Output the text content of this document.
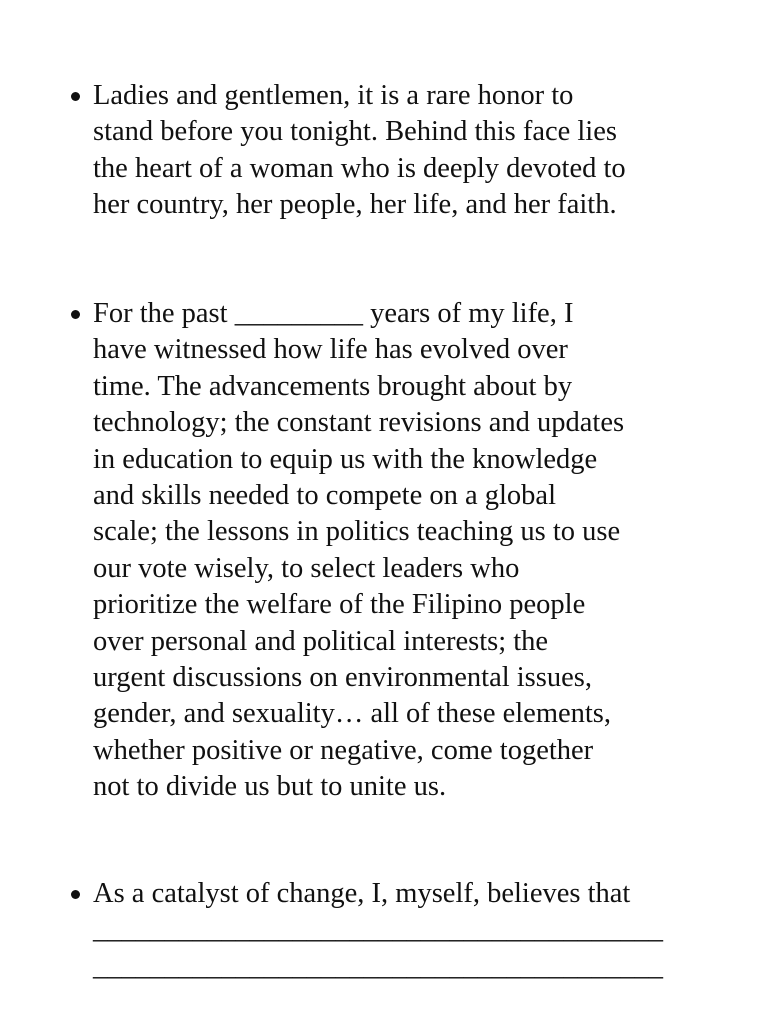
Ladies and gentlemen, it is a rare honor to
stand before you tonight. Behind this face lies
the heart of a woman who is deeply devoted to
her country, her people, her life, and her faith.

For the past _________ years of my life, I
have witnessed how life has evolved over
time. The advancements brought about by
technology; the constant revisions and updates
in education to equip us with the knowledge
and skills needed to compete on a global
scale; the lessons in politics teaching us to use
our vote wisely, to select leaders who
prioritize the welfare of the Filipino people
over personal and political interests; the
urgent discussions on environmental issues,
gender, and sexuality… all of these elements,
whether positive or negative, come together
not to divide us but to unite us.

As a catalyst of change, I, myself, believes that
________________________________________
________________________________________
